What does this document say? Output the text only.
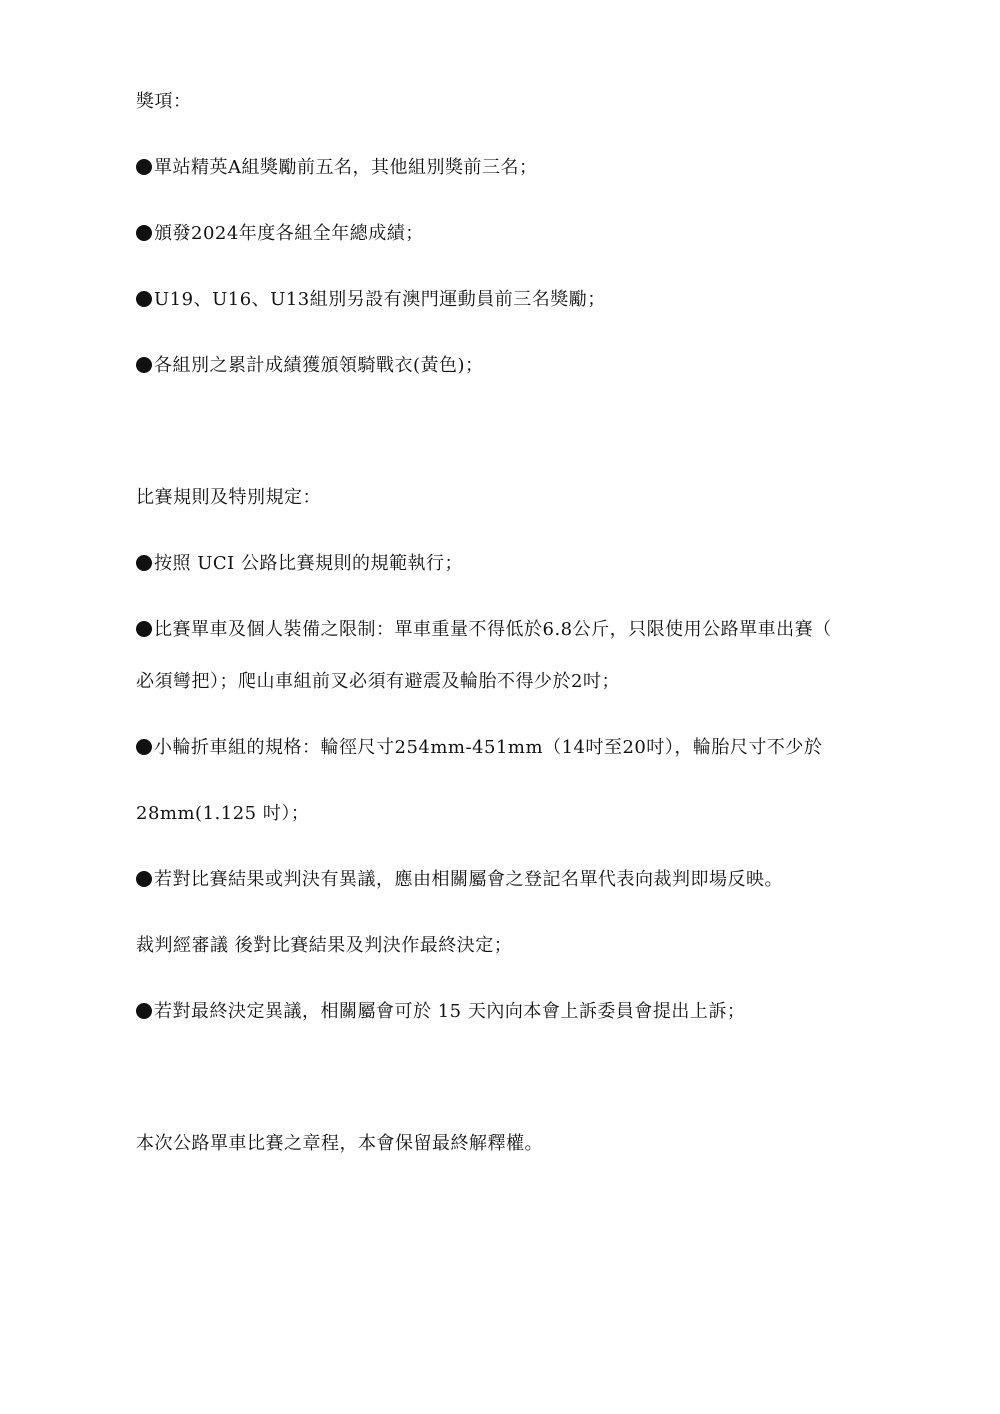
獎項：
單站精英A組獎勵前五名，其他組別獎前三名；
頒發2024年度各組全年總成績；
U19、U16、U13組別另設有澳門運動員前三名獎勵；
各組別之累計成績獲頒領騎戰衣(黃色)；
比賽規則及特別規定：
按照 UCI 公路比賽規則的規範執行；
比賽單車及個人裝備之限制：單車重量不得低於6.8公斤，只限使用公路單車出賽（
必須彎把）；爬山車組前叉必須有避震及輪胎不得少於2吋；
小輪折車組的規格：輪徑尺寸254mm-451mm（14吋至20吋），輪胎尺寸不少於
28mm(1.125 吋）；
若對比賽結果或判決有異議，應由相關屬會之登記名單代表向裁判即場反映。
裁判經審議 後對比賽結果及判決作最終決定；
若對最終決定異議，相關屬會可於 15 天內向本會上訴委員會提出上訴；
本次公路單車比賽之章程，本會保留最終解釋權。
